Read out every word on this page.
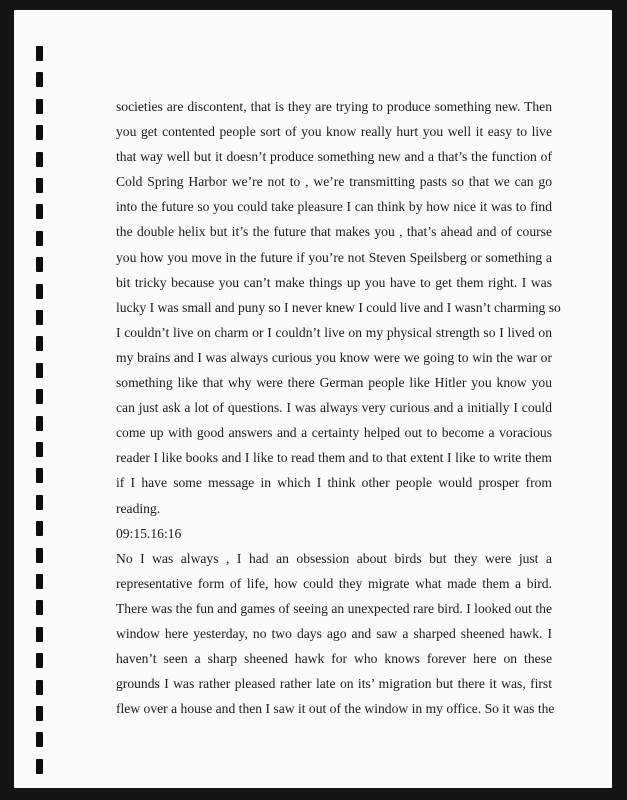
societies are discontent, that is they are trying to produce something new. Then
you get contented people sort of you know really hurt you well it easy to live
that way well but it doesn’t produce something new and a that’s the function of
Cold Spring Harbor we’re not to , we’re transmitting pasts so that we can go
into the future so you could take pleasure I can think by how nice it was to find
the double helix but it’s the future that makes you , that’s ahead and of course
you how you move in the future if you’re not Steven Speilsberg or something a
bit tricky because you can’t make things up you have to get them right. I was
lucky I was small and puny so I never knew I could live and I wasn’t charming so
I couldn’t live on charm or I couldn’t live on my physical strength so I lived on
my brains and I was always curious you know were we going to win the war or
something like that why were there German people like Hitler you know you
can just ask a lot of questions. I was always very curious and a initially I could
come up with good answers and a certainty helped out to become a voracious
reader I like books and I like to read them and to that extent I like to write them
if I have some message in which I think other people would prosper from
reading.
09:15.16:16
No I was always , I had an obsession about birds but they were just a
representative form of life, how could they migrate what made them a bird.
There was the fun and games of seeing an unexpected rare bird. I looked out the
window here yesterday, no two days ago and saw a sharped sheened hawk. I
haven’t seen a sharp sheened hawk for who knows forever here on these
grounds I was rather pleased rather late on its’ migration but there it was, first
flew over a house and then I saw it out of the window in my office. So it was the
